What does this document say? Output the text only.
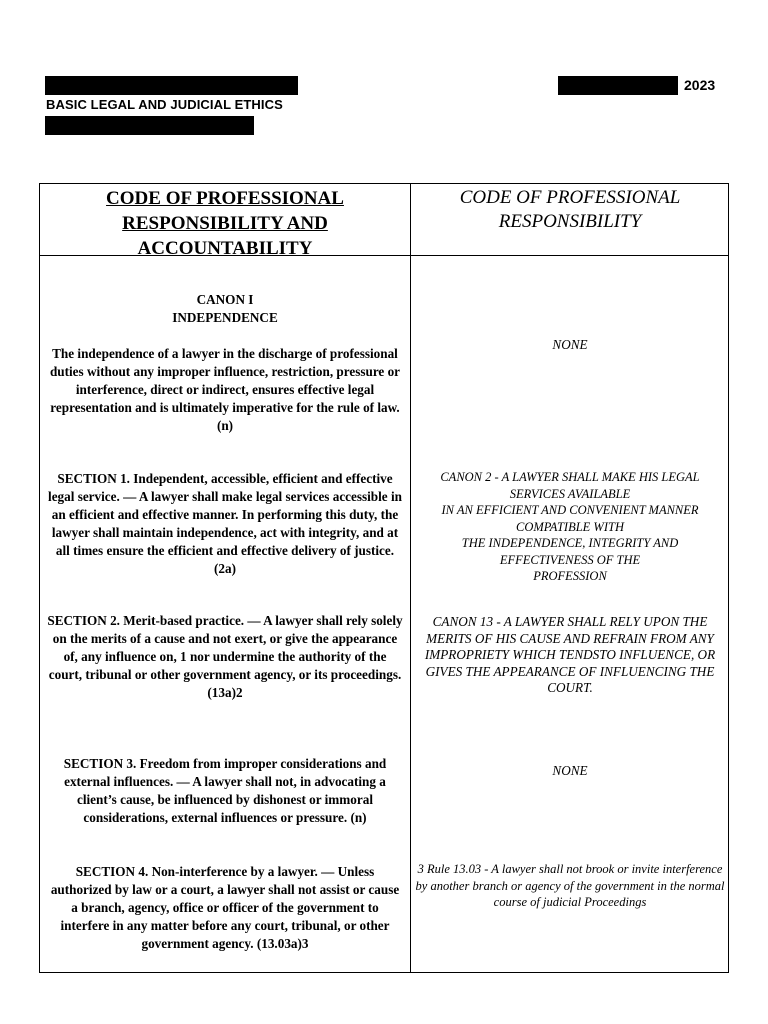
BASIC LEGAL AND JUDICIAL ETHICS
2023
CODE OF PROFESSIONAL RESPONSIBILITY AND ACCOUNTABILITY
CODE OF PROFESSIONAL RESPONSIBILITY
CANON I
INDEPENDENCE

The independence of a lawyer in the discharge of professional duties without any improper influence, restriction, pressure or interference, direct or indirect, ensures effective legal representation and is ultimately imperative for the rule of law. (n)
NONE
SECTION 1. Independent, accessible, efficient and effective legal service. — A lawyer shall make legal services accessible in an efficient and effective manner. In performing this duty, the lawyer shall maintain independence, act with integrity, and at all times ensure the efficient and effective delivery of justice. (2a)
CANON 2 - A LAWYER SHALL MAKE HIS LEGAL SERVICES AVAILABLE
IN AN EFFICIENT AND CONVENIENT MANNER COMPATIBLE WITH
THE INDEPENDENCE, INTEGRITY AND EFFECTIVENESS OF THE
PROFESSION
SECTION 2. Merit-based practice. — A lawyer shall rely solely on the merits of a cause and not exert, or give the appearance of, any influence on, 1 nor undermine the authority of the court, tribunal or other government agency, or its proceedings. (13a)2
CANON 13 - A LAWYER SHALL RELY UPON THE MERITS OF HIS CAUSE AND REFRAIN FROM ANY IMPROPRIETY WHICH TENDSTO INFLUENCE, OR GIVES THE APPEARANCE OF INFLUENCING THE COURT.
SECTION 3. Freedom from improper considerations and external influences. — A lawyer shall not, in advocating a client’s cause, be influenced by dishonest or immoral considerations, external influences or pressure. (n)
NONE
SECTION 4. Non-interference by a lawyer. — Unless authorized by law or a court, a lawyer shall not assist or cause a branch, agency, office or officer of the government to interfere in any matter before any court, tribunal, or other government agency. (13.03a)3
3 Rule 13.03 - A lawyer shall not brook or invite interference by another branch or agency of the government in the normal course of judicial Proceedings
.
